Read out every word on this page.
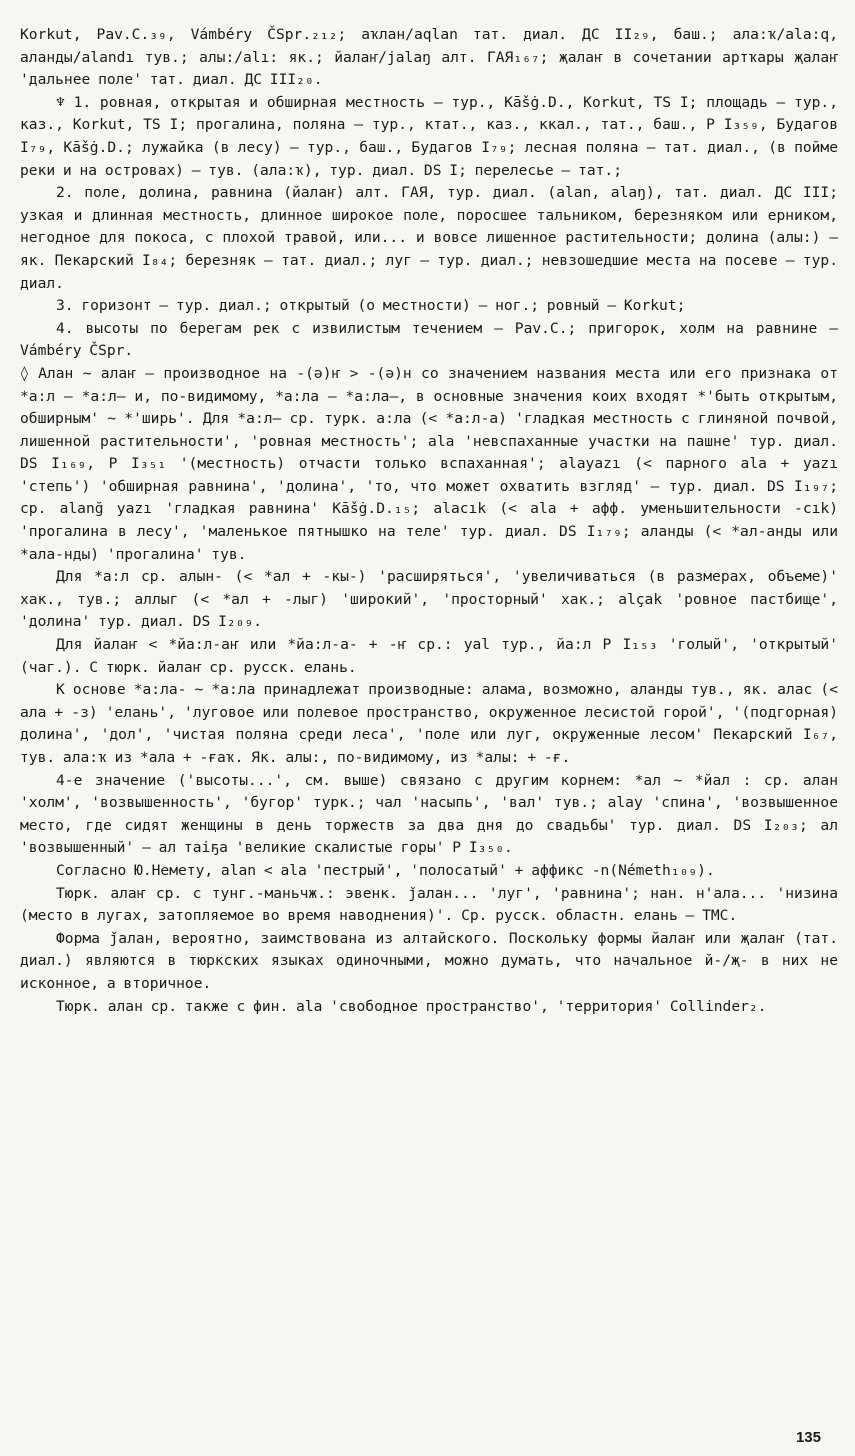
Korkut, Pav.C.₃₉, Vámbéry ČSpr.₂₁₂; аҡлан/aqlan тат. диал. ДС II₂₉, баш.; ала:ҡ/ala:q, аланды/alandı тув.; алы:/alı: як.; йалаҥ/jalaŋ алт. ГАЯ₁₆₇; җалаҥ в сочетании артҡары җалаҥ 'дальнее поле' тат. диал. ДС III₂₀.

♆ 1. ровная, открытая и обширная местность – тур., Kāšġ.D., Korkut, TS I; площадь – тур., каз., Korkut, TS I; прогалина, поляна – тур., ктат., каз., ккал., тат., баш., P I₃₅₉, Будагов I₇₉, Kāšġ.D.; лужайка (в лесу) – тур., баш., Будагов I₇₉; лесная поляна – тат. диал., (в пойме реки и на островах) – тув. (ала:ҡ), тур. диал. DS I; перелесье – тат.;

2. поле, долина, равнина (йалаҥ) алт. ГАЯ, тур. диал. (alan, alaŋ), тат. диал. ДС III; узкая и длинная местность, длинное широкое поле, поросшее тальником, березняком или ерником, негодное для покоса, с плохой травой, или... и вовсе лишенное растительности; долина (алы:) – як. Пекарский I₈₄; березняк – тат. диал.; луг – тур. диал.; невзошедшие места на посеве – тур. диал.

3. горизонт – тур. диал.; открытый (о местности) – ног.; ровный – Korkut;

4. высоты по берегам рек с извилистым течением – Pav.C.; пригорок, холм на равнине – Vámbéry ČSpr.

◊ Алан ~ алаҥ – производное на -(ə)ҥ > -(ə)н со значением названия места или его признака от *а:л – *а:л– и, по-видимому, *а:ла – *а:ла–, в основные значения коих входят *'быть открытым, обширным' ~ *'ширь'. Для *а:л– ср. турк. а:ла (< *а:л-а) 'гладкая местность с глиняной почвой, лишенной растительности', 'ровная местность'; ala 'невспаханные участки на пашне' тур. диал. DS I₁₆₉, P I₃₅₁ '(местность) отчасти только вспаханная'; alayazı (< парного ala + yazı 'степь') 'обширная равнина', 'долина', 'то, что может охватить взгляд' – тур. диал. DS I₁₉₇; ср. alanğ yazı 'гладкая равнина' Kāšġ.D.₁₅; alacık (< ala + афф. уменьшительности -cık) 'прогалина в лесу', 'маленькое пятнышко на теле' тур. диал. DS I₁₇₉; аланды (< *ал-анды или *ала-нды) 'прогалина' тув.

Для *а:л ср. алын- (< *ал + -кы-) 'расширяться', 'увеличиваться (в размерах, объеме)' хак., тув.; аллыг (< *ал + -лыг) 'широкий', 'просторный' хак.; alçak 'ровное пастбище', 'долина' тур. диал. DS I₂₀₉.

Для йалаҥ < *йа:л-аҥ или *йа:л-а- + -ҥ ср.: yal тур., йа:л P I₁₅₃ 'голый', 'открытый' (чаг.). С тюрк. йалаҥ ср. русск. елань.

К основе *а:ла- ~ *а:ла принадлежат производные: алама, возможно, аланды тув., як. алас (< ала + -з) 'елань', 'луговое или полевое пространство, окруженное лесистой горой', '(подгорная) долина', 'дол', 'чистая поляна среди леса', 'поле или луг, окруженные лесом' Пекарский I₆₇, тув. ала:ҡ из *ала + -ғаҡ. Як. алы:, по-видимому, из *алы: + -ғ.

4-е значение ('высоты...', см. выше) связано с другим корнем: *ал ~ *йал : ср. алан 'холм', 'возвышенность', 'бугор' турк.; чал 'насыпь', 'вал' тув.; alay 'спина', 'возвышенное место, где сидят женщины в день торжеств за два дня до свадьбы' тур. диал. DS I₂₀₃; ал 'возвышенный' – ал таiҕа 'великие скалистые горы' P I₃₅₀.

Согласно Ю.Немету, alan < ala 'пестрый', 'полосатый' + аффикс -n(Németh₁₀₉).

Тюрк. алаҥ ср. с тунг.-маньчж.: эвенк. ǰалан... 'луг', 'равнина'; нан. н'ала... 'низина (место в лугах, затопляемое во время наводнения)'. Ср. русск. областн. елань – ТМС.

Форма ǰалан, вероятно, заимствована из алтайского. Поскольку формы йалаҥ или җалаҥ (тат. диал.) являются в тюркских языках одиночными, можно думать, что начальное й-/җ- в них не исконное, а вторичное.

Тюрк. алан ср. также с фин. ala 'свободное пространство', 'территория' Collinder₂.

135
